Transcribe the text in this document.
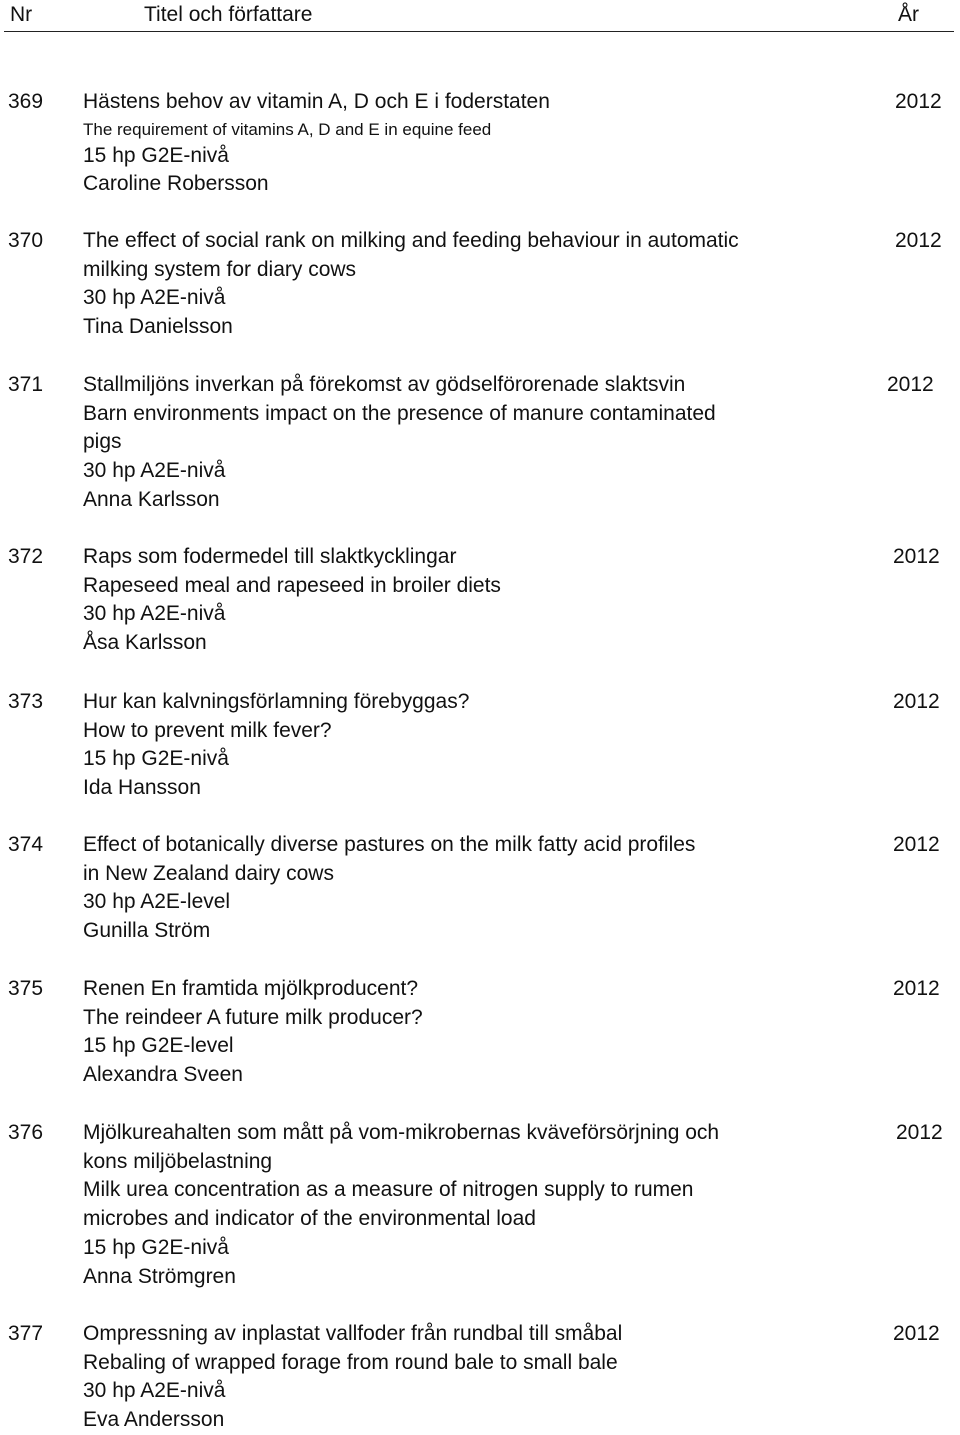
Nr	Titel och författare	År
369 Hästens behov av vitamin A, D och E i foderstaten
The requirement of vitamins A, D and E in equine feed
15 hp G2E-nivå
Caroline Robersson
2012
370 The effect of social rank on milking and feeding behaviour in automatic
milking system for diary cows
30 hp A2E-nivå
Tina Danielsson
2012
371 Stallmiljöns inverkan på förekomst av gödselförorenade slaktsvin
Barn environments impact on the presence of manure contaminated
pigs
30 hp A2E-nivå
Anna Karlsson
2012
372 Raps som fodermedel till slaktkycklingar
Rapeseed meal and rapeseed in broiler diets
30 hp A2E-nivå
Åsa Karlsson
2012
373 Hur kan kalvningsförlamning förebyggas?
How to prevent milk fever?
15 hp G2E-nivå
Ida Hansson
2012
374 Effect of botanically diverse pastures on the milk fatty acid profiles
in New Zealand dairy cows
30 hp A2E-level
Gunilla Ström
2012
375 Renen En framtida mjölkproducent?
The reindeer A future milk producer?
15 hp G2E-level
Alexandra Sveen
2012
376 Mjölkureahalten som mått på vom-mikrobernas kväveförsörjning och
kons miljöbelastning
Milk urea concentration as a measure of nitrogen supply to rumen
microbes and indicator of the environmental load
15 hp G2E-nivå
Anna Strömgren
2012
377 Ompressning av inplastat vallfoder från rundbal till småbal
Rebaling of wrapped forage from round bale to small bale
30 hp A2E-nivå
Eva Andersson
2012
